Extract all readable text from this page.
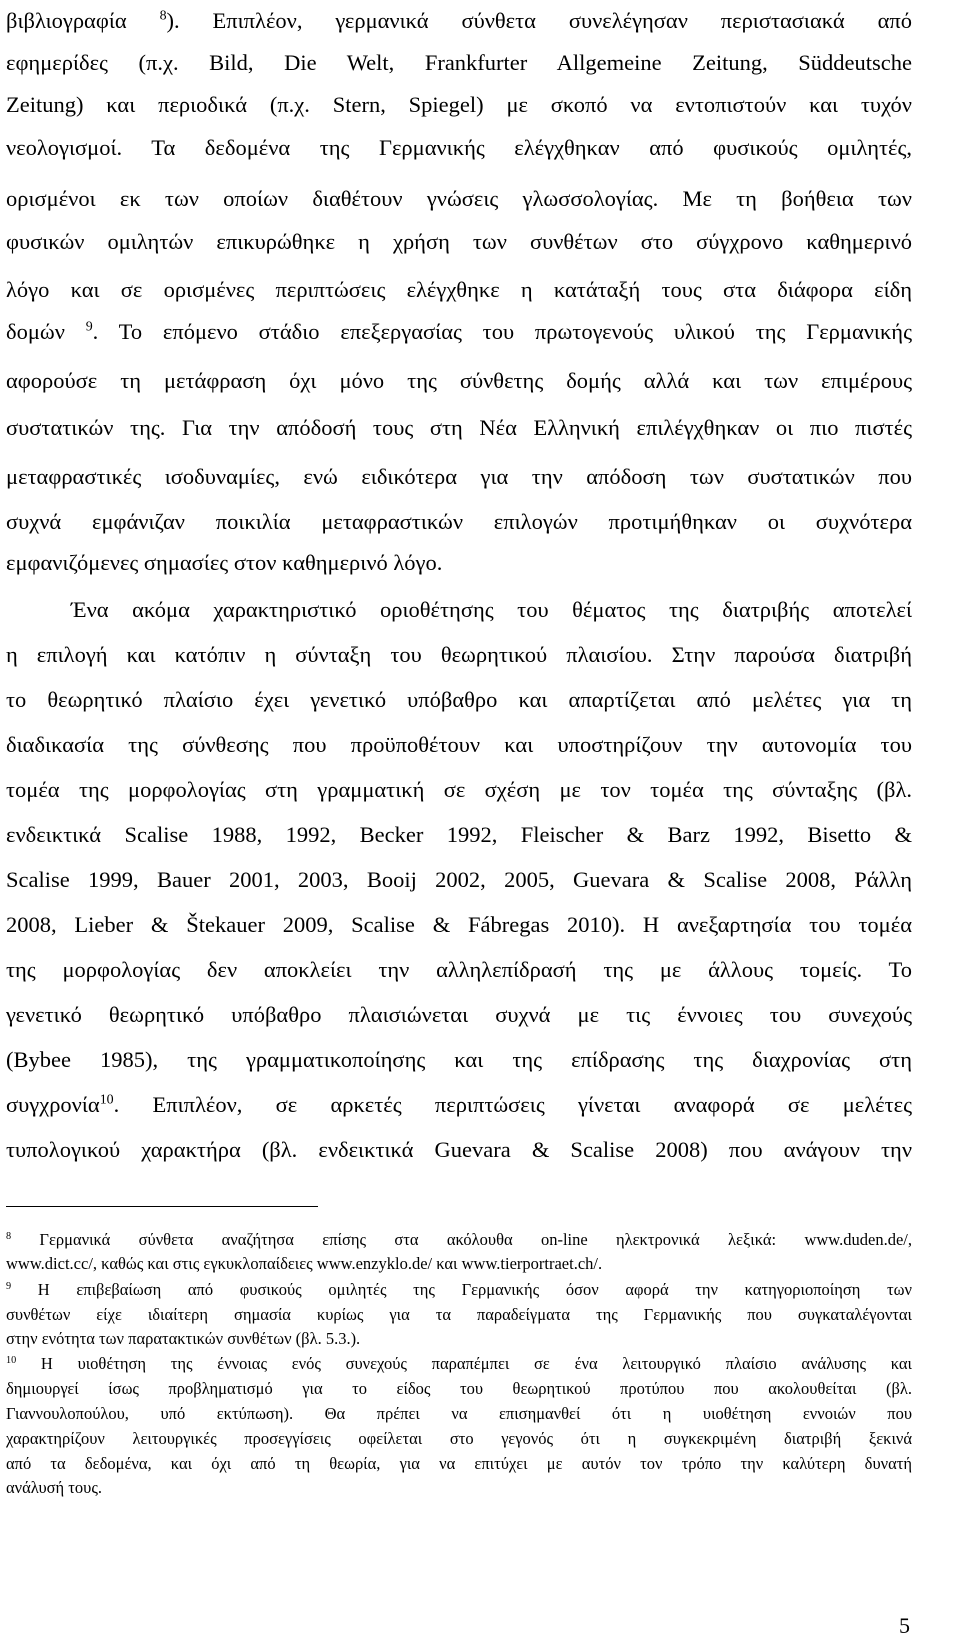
βιβλιογραφία $^8$). Επιπλέον, γερμανικά σύνθετα συνελέγησαν περιστασιακά από
εφημερίδες (π.χ. Bild, Die Welt, Frankfurter Allgemeine Zeitung, Süddeutsche
Zeitung) και περιοδικά (π.χ. Stern, Spiegel) με σκοπό να εντοπιστούν και τυχόν
νεολογισμοί. Τα δεδομένα της Γερμανικής ελέγχθηκαν από φυσικούς ομιλητές,
ορισμένοι εκ των οποίων διαθέτουν γνώσεις γλωσσολογίας. Με τη βοήθεια των
φυσικών ομιλητών επικυρώθηκε η χρήση των συνθέτων στο σύγχρονο καθημερινό
λόγο και σε ορισμένες περιπτώσεις ελέγχθηκε η κατάταξή τους στα διάφορα είδη
δομών $^9$. Το επόμενο στάδιο επεξεργασίας του πρωτογενούς υλικού της Γερμανικής
αφορούσε τη μετάφραση όχι μόνο της σύνθετης δομής αλλά και των επιμέρους
συστατικών της. Για την απόδοσή τους στη Νέα Ελληνική επιλέγχθηκαν οι πιο πιστές
μεταφραστικές ισοδυναμίες, ενώ ειδικότερα για την απόδοση των συστατικών που
συχνά εμφάνιζαν ποικιλία μεταφραστικών επιλογών προτιμήθηκαν οι συχνότερα
εμφανιζόμενες σημασίες στον καθημερινό λόγο.
Ένα ακόμα χαρακτηριστικό οριοθέτησης του θέματος της διατριβής αποτελεί
η επιλογή και κατόπιν η σύνταξη του θεωρητικού πλαισίου. Στην παρούσα διατριβή
το θεωρητικό πλαίσιο έχει γενετικό υπόβαθρο και απαρτίζεται από μελέτες για τη
διαδικασία της σύνθεσης που προϋποθέτουν και υποστηρίζουν την αυτονομία του
τομέα της μορφολογίας στη γραμματική σε σχέση με τον τομέα της σύνταξης (βλ.
ενδεικτικά Scalise 1988, 1992, Becker 1992, Fleischer & Barz 1992, Bisetto &
Scalise 1999, Bauer 2001, 2003, Booij 2002, 2005, Guevara & Scalise 2008, Ράλλη
2008, Lieber & Štekauer 2009, Scalise & Fábregas 2010). Η ανεξαρτησία του τομέα
της μορφολογίας δεν αποκλείει την αλληλεπίδρασή της με άλλους τομείς. Το
γενετικό θεωρητικό υπόβαθρο πλαισιώνεται συχνά με τις έννοιες του συνεχούς
(Bybee 1985), της γραμματικοποίησης και της επίδρασης της διαχρονίας στη
συγχρονία$^{10}$. Επιπλέον, σε αρκετές περιπτώσεις γίνεται αναφορά σε μελέτες
τυπολογικού χαρακτήρα (βλ. ενδεικτικά Guevara & Scalise 2008) που ανάγουν την
$^8$ Γερμανικά σύνθετα αναζήτησα επίσης στα ακόλουθα on-line ηλεκτρονικά λεξικά: www.duden.de/,
www.dict.cc/, καθώς και στις εγκυκλοπαίδειες www.enzyklo.de/ και www.tierportraet.ch/.
$^9$ Η επιβεβαίωση από φυσικούς ομιλητές της Γερμανικής όσον αφορά την κατηγοριοποίηση των
συνθέτων είχε ιδιαίτερη σημασία κυρίως για τα παραδείγματα της Γερμανικής που συγκαταλέγονται
στην ενότητα των παρατακτικών συνθέτων (βλ. 5.3.).
$^{10}$ Η υιοθέτηση της έννοιας ενός συνεχούς παραπέμπει σε ένα λειτουργικό πλαίσιο ανάλυσης και
δημιουργεί ίσως προβληματισμό για το είδος του θεωρητικού προτύπου που ακολουθείται (βλ.
Γιαννουλοπούλου, υπό εκτύπωση). Θα πρέπει να επισημανθεί ότι η υιοθέτηση εννοιών που
χαρακτηρίζουν λειτουργικές προσεγγίσεις οφείλεται στο γεγονός ότι η συγκεκριμένη διατριβή ξεκινά
από τα δεδομένα, και όχι από τη θεωρία, για να επιτύχει με αυτόν τον τρόπο την καλύτερη δυνατή
ανάλυσή τους.
5
